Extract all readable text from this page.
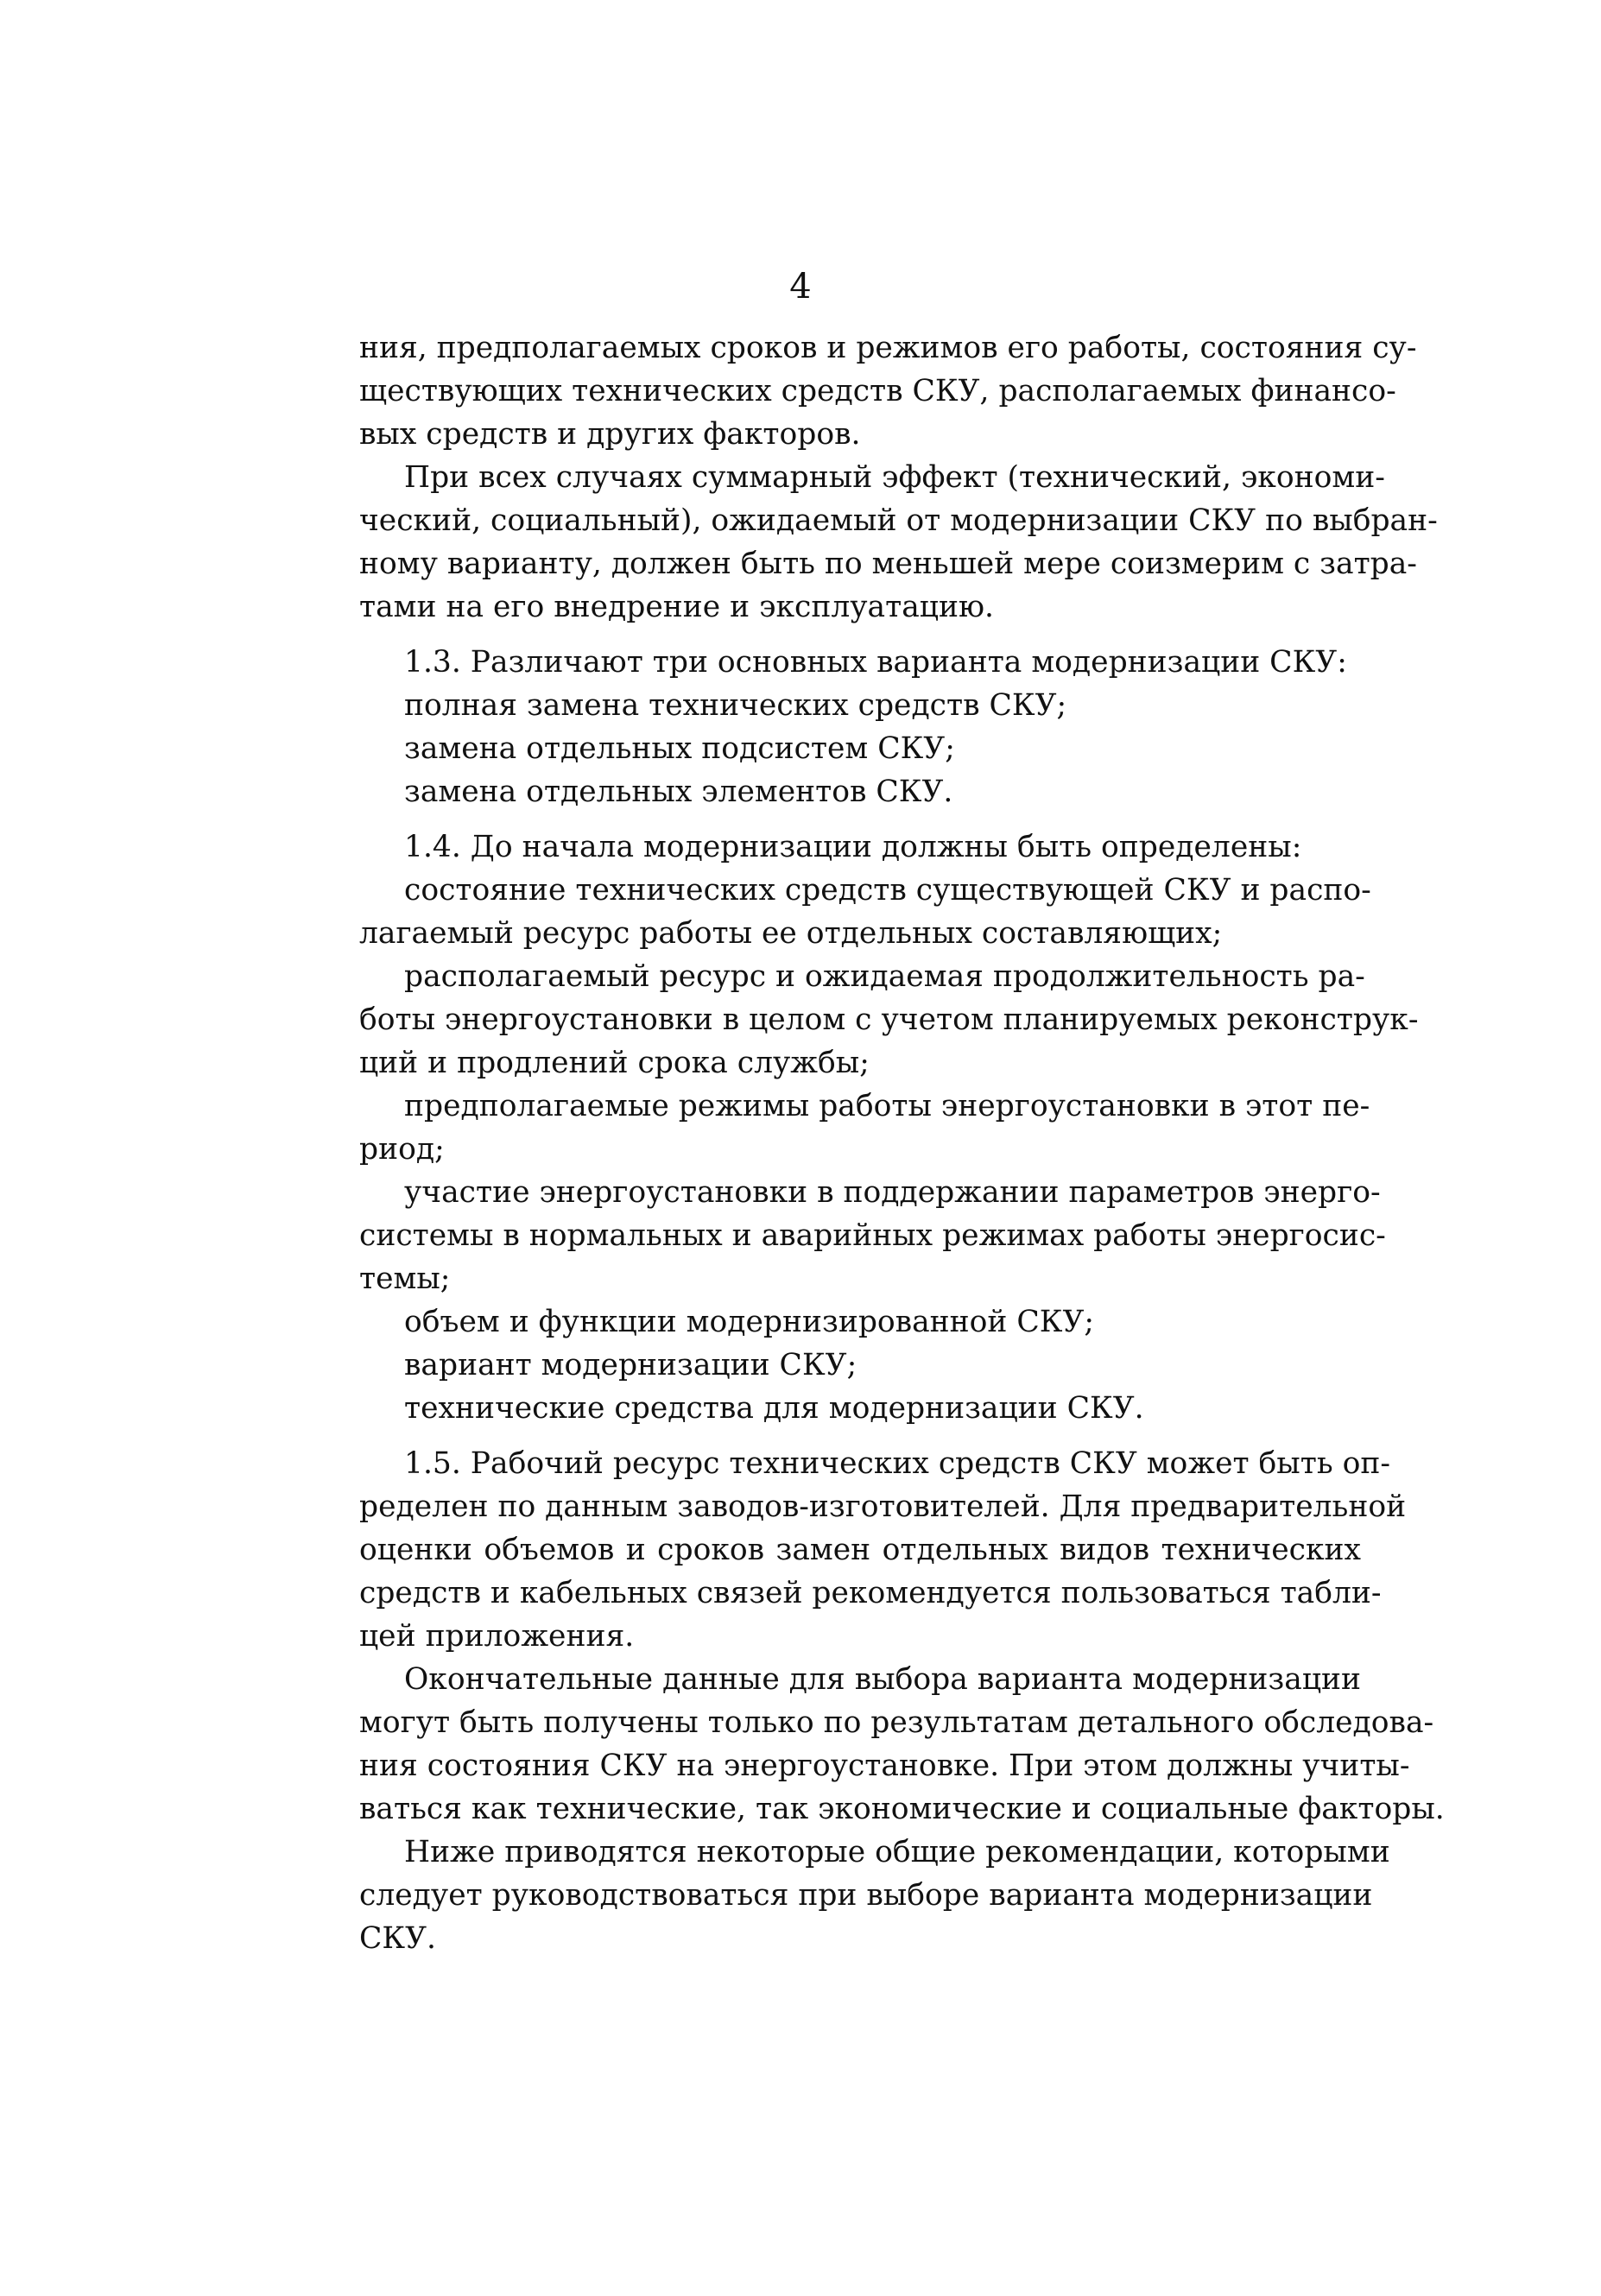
4
ния, предполагаемых сроков и режимов его работы, состояния су-
ществующих технических средств СКУ, располагаемых финансо-
вых средств и других факторов.
При всех случаях суммарный эффект (технический, экономи-
ческий, социальный), ожидаемый от модернизации СКУ по выбран-
ному варианту, должен быть по меньшей мере соизмерим с затра-
тами на его внедрение и эксплуатацию.
1.3. Различают три основных варианта модернизации СКУ:
полная замена технических средств СКУ;
замена отдельных подсистем СКУ;
замена отдельных элементов СКУ.
1.4. До начала модернизации должны быть определены:
состояние технических средств существующей СКУ и распо-
лагаемый ресурс работы ее отдельных составляющих;
располагаемый ресурс и ожидаемая продолжительность ра-
боты энергоустановки в целом с учетом планируемых реконструк-
ций и продлений срока службы;
предполагаемые режимы работы энергоустановки в этот пе-
риод;
участие энергоустановки в поддержании параметров энерго-
системы в нормальных и аварийных режимах работы энергосис-
темы;
объем и функции модернизированной СКУ;
вариант модернизации СКУ;
технические средства для модернизации СКУ.
1.5. Рабочий ресурс технических средств СКУ может быть оп-
ределен по данным заводов-изготовителей. Для предварительной
оценки объемов и сроков замен отдельных видов технических
средств и кабельных связей рекомендуется пользоваться табли-
цей приложения.
Окончательные данные для выбора варианта модернизации
могут быть получены только по результатам детального обследова-
ния состояния СКУ на энергоустановке. При этом должны учиты-
ваться как технические, так экономические и социальные факторы.
Ниже приводятся некоторые общие рекомендации, которыми
следует руководствоваться при выборе варианта модернизации
СКУ.
